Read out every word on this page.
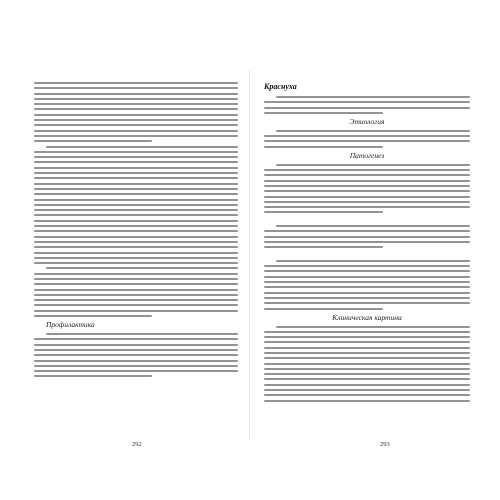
Профилактика
292
Краснуха
Этиология
Патогенез
Клиническая картина
293
